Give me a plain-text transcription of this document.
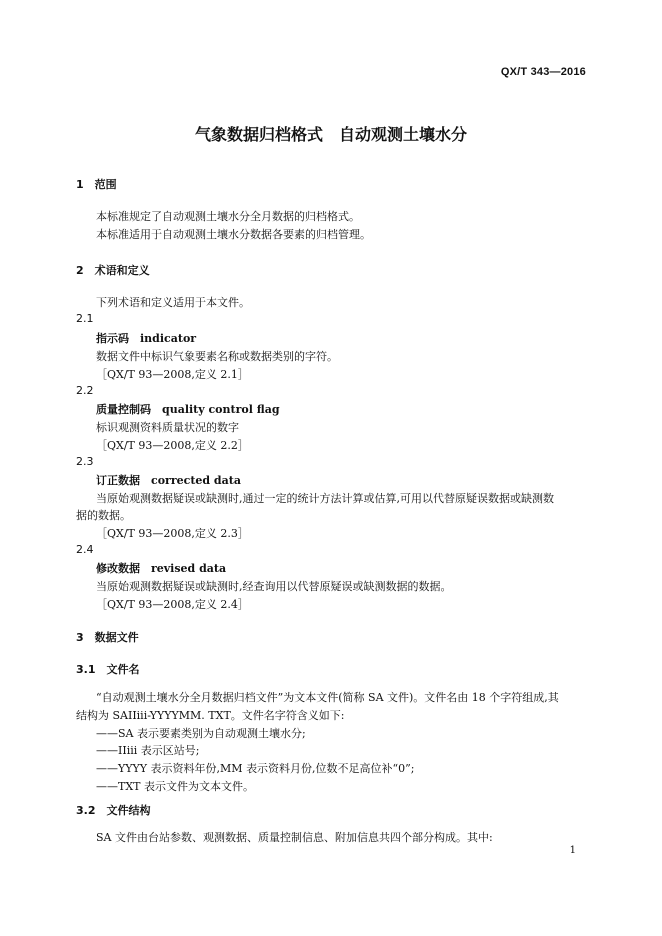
QX/T 343—2016
气象数据归档格式　自动观测土壤水分
1　 范围
本标准规定了自动观测土壤水分全月数据的归档格式。
本标准适用于自动观测土壤水分数据各要素的归档管理。
2　 术语和定义
下列术语和定义适用于本文件。
2.1
指示码　 indicator
数据文件中标识气象要素名称或数据类别的字符。
［QX/T 93—2008,定义 2.1］
2.2
质量控制码　 quality control flag
标识观测资料质量状况的数字
［QX/T 93—2008,定义 2.2］
2.3
订正数据　 corrected data
当原始观测数据疑误或缺测时,通过一定的统计方法计算或估算,可用以代替原疑误数据或缺测数
据的数据。
［QX/T 93—2008,定义 2.3］
2.4
修改数据　 revised data
当原始观测数据疑误或缺测时,经查询用以代替原疑误或缺测数据的数据。
［QX/T 93—2008,定义 2.4］
3　 数据文件
3.1　 文件名
“自动观测土壤水分全月数据归档文件”为文本文件(简称 SA 文件)。文件名由 18 个字符组成,其
结构为 SAIIiii-YYYYMM. TXT。文件名字符含义如下:
——SA 表示要素类别为自动观测土壤水分;
——IIiii 表示区站号;
——YYYY 表示资料年份,MM 表示资料月份,位数不足高位补“0”;
——TXT 表示文件为文本文件。
3.2　 文件结构
SA 文件由台站参数、观测数据、质量控制信息、附加信息共四个部分构成。其中:
1
